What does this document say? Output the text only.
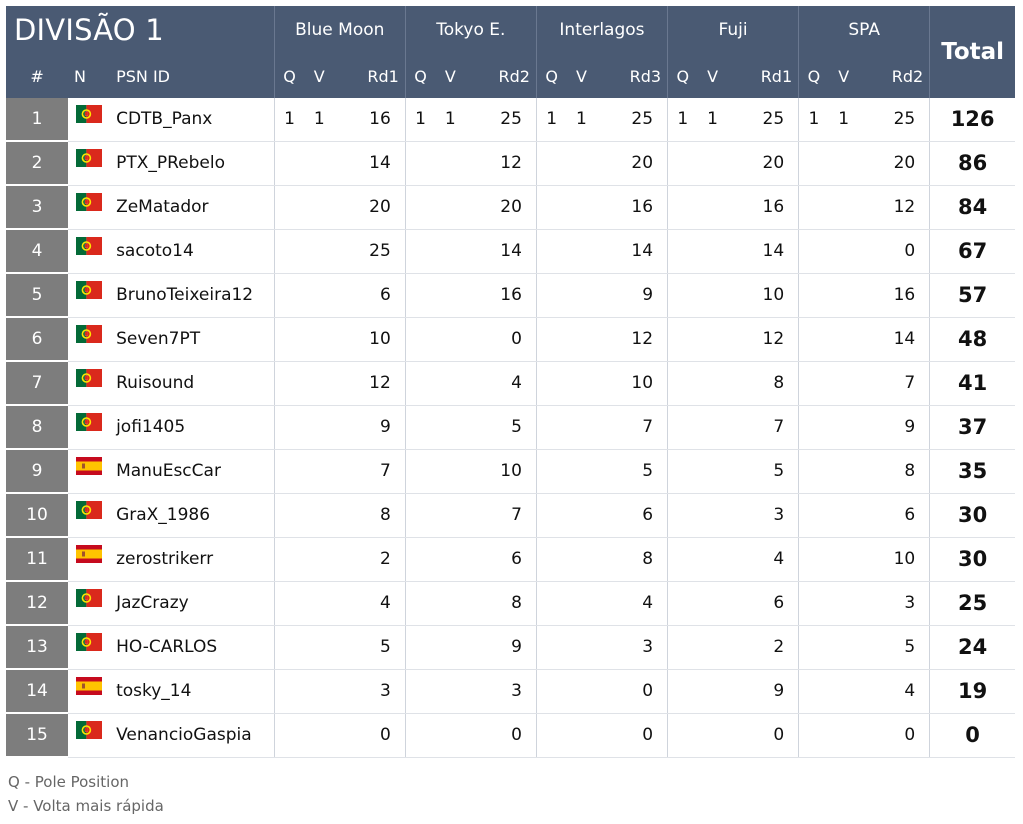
DIVISÃO 1			Blue Moon			Tokyo E.			Interlagos			Fuji			SPA			Total
#	N	PSN ID	Q	V	Rd1	Q	V	Rd2	Q	V	Rd3	Q	V	Rd1	Q	V	Rd2	
1		CDTB_Panx	1	1	16	1	1	25	1	1	25	1	1	25	1	1	25	126
2		PTX_PRebelo			14			12			20			20			20	86
3		ZeMatador			20			20			16			16			12	84
4		sacoto14			25			14			14			14			0	67
5		BrunoTeixeira12			6			16			9			10			16	57
6		Seven7PT			10			0			12			12			14	48
7		Ruisound			12			4			10			8			7	41
8		jofi1405			9			5			7			7			9	37
9		ManuEscCar			7			10			5			5			8	35
10		GraX_1986			8			7			6			3			6	30
11		zerostrikerr			2			6			8			4			10	30
12		JazCrazy			4			8			4			6			3	25
13		HO-CARLOS			5			9			3			2			5	24
14		tosky_14			3			3			0			9			4	19
15		VenancioGaspia			0			0			0			0			0	0
Q - Pole Position
V - Volta mais rápida
